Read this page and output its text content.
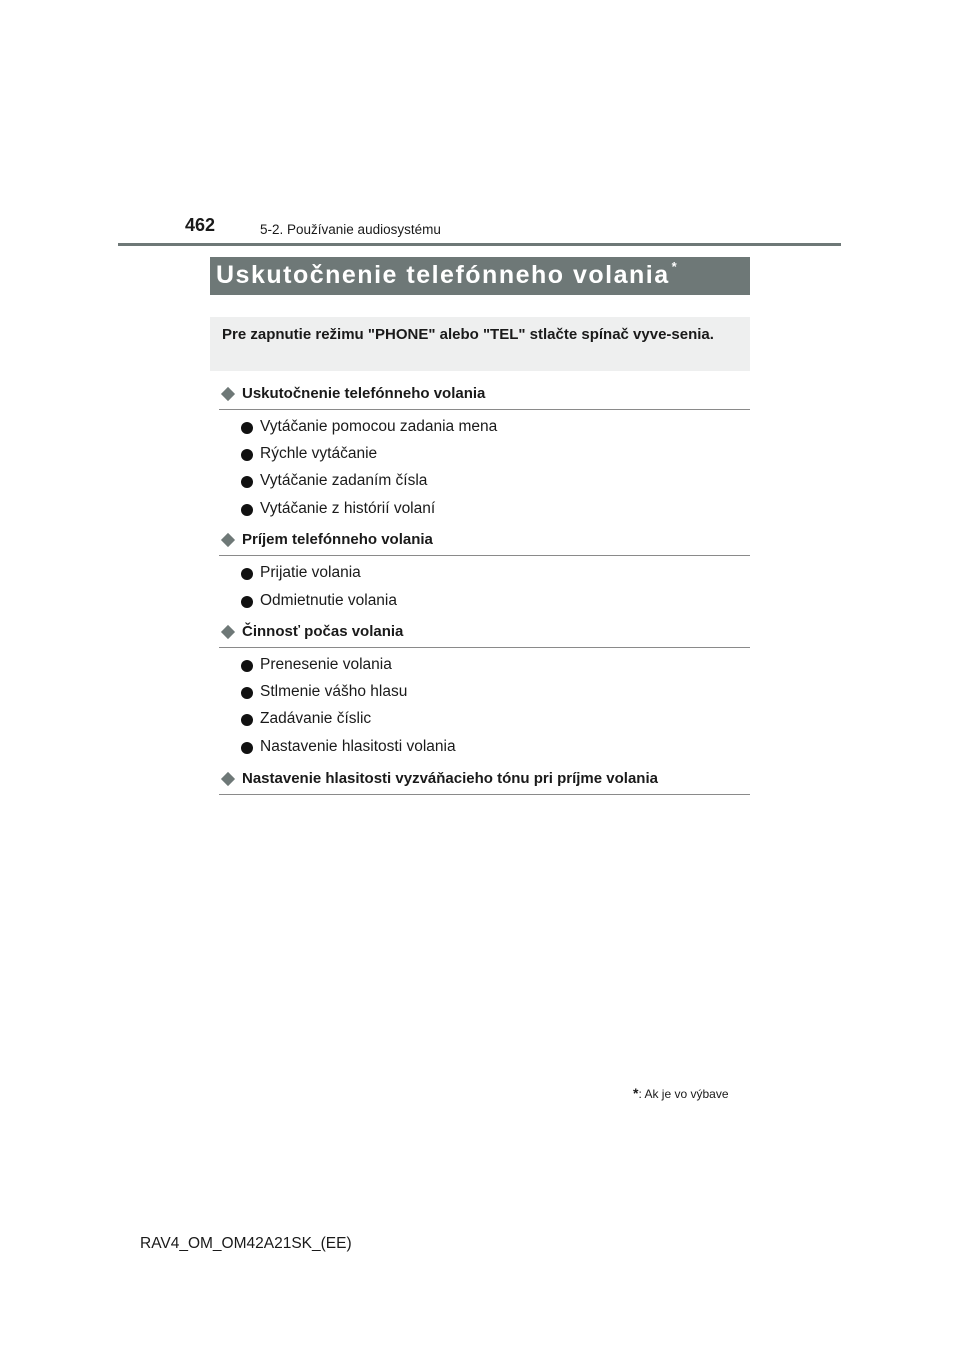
462	5-2. Používanie audiosystému
Uskutočnenie telefónneho volania *
Pre zapnutie režimu "PHONE" alebo "TEL" stlačte spínač vyve-senia.
Uskutočnenie telefónneho volania
Vytáčanie pomocou zadania mena
Rýchle vytáčanie
Vytáčanie zadaním čísla
Vytáčanie z histórií volaní
Príjem telefónneho volania
Prijatie volania
Odmietnutie volania
Činnosť počas volania
Prenesenie volania
Stlmenie vášho hlasu
Zadávanie číslic
Nastavenie hlasitosti volania
Nastavenie hlasitosti vyzváňacieho tónu pri príjme volania
*: Ak je vo výbave
RAV4_OM_OM42A21SK_(EE)
